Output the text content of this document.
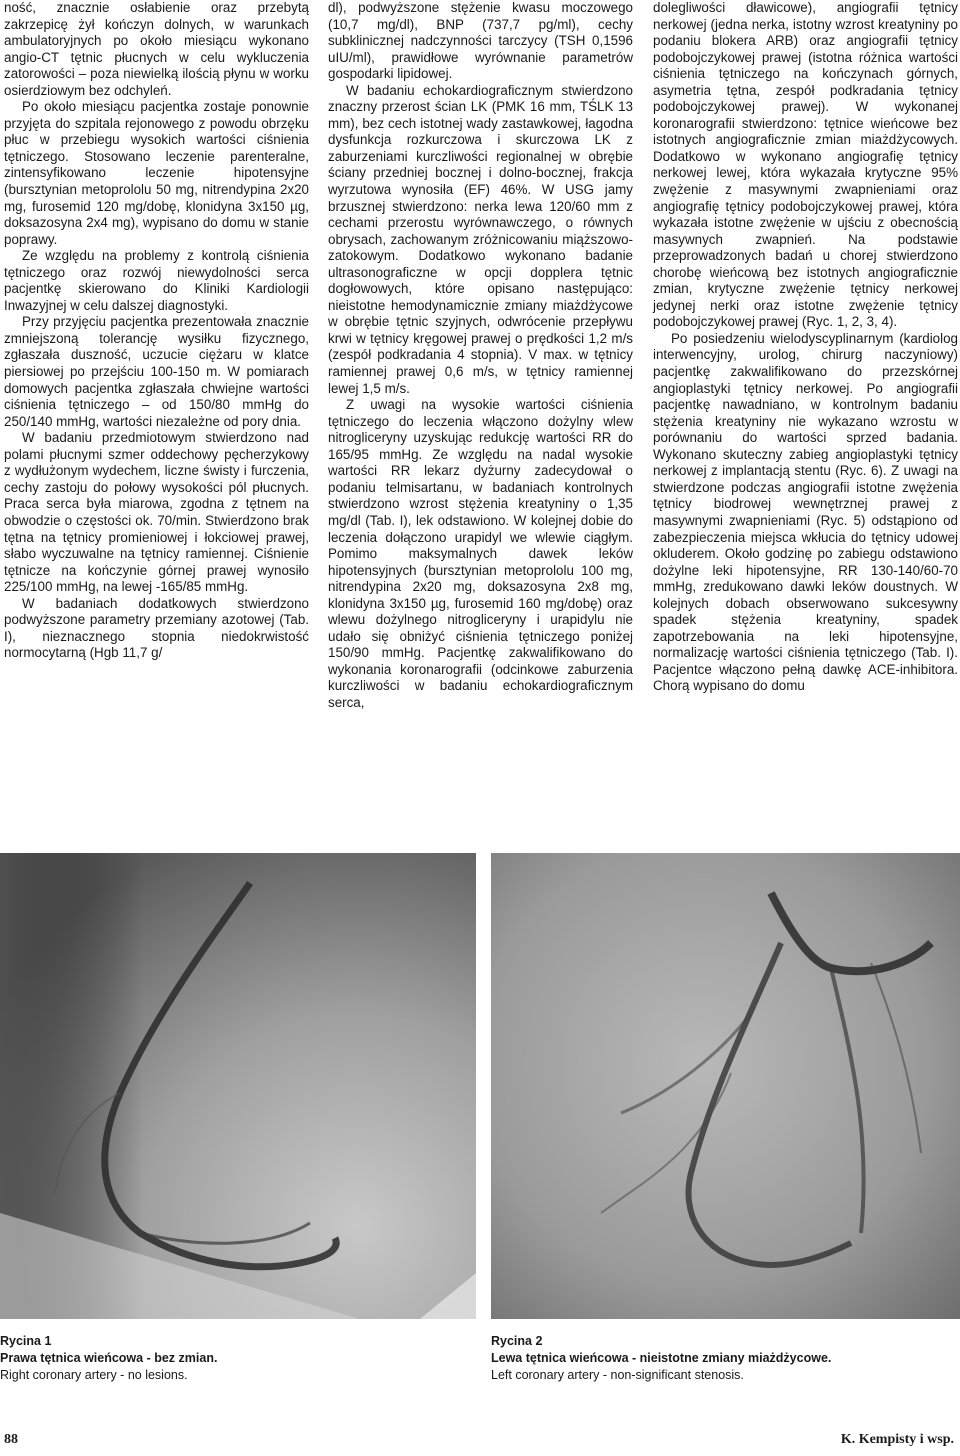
ność, znacznie osłabienie oraz przebytą zakrzepicę żył kończyn dolnych, w warunkach ambulatoryjnych po około miesiącu wykonano angio-CT tętnic płucnych w celu wykluczenia zatorowości – poza niewielką ilością płynu w worku osierdziowym bez odchyleń.

Po około miesiącu pacjentka zostaje ponownie przyjęta do szpitala rejonowego z powodu obrzęku płuc w przebiegu wysokich wartości ciśnienia tętniczego. Stosowano leczenie parenteralne, zintensyfikowano leczenie hipotensyjne (bursztynian metoprololu 50 mg, nitrendypina 2x20 mg, furosemid 120 mg/dobę, klonidyna 3x150 µg, doksazosyna 2x4 mg), wypisano do domu w stanie poprawy.

Ze względu na problemy z kontrolą ciśnienia tętniczego oraz rozwój niewydolności serca pacjentkę skierowano do Kliniki Kardiologii Inwazyjnej w celu dalszej diagnostyki.

Przy przyjęciu pacjentka prezentowała znacznie zmniejszoną tolerancję wysiłku fizycznego, zgłaszała duszność, uczucie ciężaru w klatce piersiowej po przejściu 100-150 m. W pomiarach domowych pacjentka zgłaszała chwiejne wartości ciśnienia tętniczego – od 150/80 mmHg do 250/140 mmHg, wartości niezależne od pory dnia.

W badaniu przedmiotowym stwierdzono nad polami płucnymi szmer oddechowy pęcherzykowy z wydłużonym wydechem, liczne świsty i furczenia, cechy zastoju do połowy wysokości pól płucnych. Praca serca była miarowa, zgodna z tętnem na obwodzie o częstości ok. 70/min. Stwierdzono brak tętna na tętnicy promieniowej i łokciowej prawej, słabo wyczuwalne na tętnicy ramiennej. Ciśnienie tętnicze na kończynie górnej prawej wynosiło 225/100 mmHg, na lewej -165/85 mmHg.

W badaniach dodatkowych stwierdzono podwyższone parametry przemiany azotowej (Tab. I), nieznacznego stopnia niedokrwistość normocytarną (Hgb 11,7 g/

dl), podwyższone stężenie kwasu moczowego (10,7 mg/dl), BNP (737,7 pg/ml), cechy subklinicznej nadczynności tarczycy (TSH 0,1596 uIU/ml), prawidłowe wyrównanie parametrów gospodarki lipidowej.

W badaniu echokardiograficznym stwierdzono znaczny przerost ścian LK (PMK 16 mm, TŚLK 13 mm), bez cech istotnej wady zastawkowej, łagodna dysfunkcja rozkurczowa i skurczowa LK z zaburzeniami kurczliwości regionalnej w obrębie ściany przedniej bocznej i dolno-bocznej, frakcja wyrzutowa wynosiła (EF) 46%. W USG jamy brzusznej stwierdzono: nerka lewa 120/60 mm z cechami przerostu wyrównawczego, o równych obrysach, zachowanym zróżnicowaniu miąższowo-zatokowym. Dodatkowo wykonano badanie ultrasonograficzne w opcji dopplera tętnic dogłowowych, które opisano następująco: nieistotne hemodynamicznie zmiany miażdżycowe w obrębie tętnic szyjnych, odwrócenie przepływu krwi w tętnicy kręgowej prawej o prędkości 1,2 m/s (zespół podkradania 4 stopnia). V max. w tętnicy ramiennej prawej 0,6 m/s, w tętnicy ramiennej lewej 1,5 m/s.

Z uwagi na wysokie wartości ciśnienia tętniczego do leczenia włączono dożylny wlew nitrogliceryny uzyskując redukcję wartości RR do 165/95 mmHg. Ze względu na nadal wysokie wartości RR lekarz dyżurny zadecydował o podaniu telmisartanu, w badaniach kontrolnych stwierdzono wzrost stężenia kreatyniny o 1,35 mg/dl (Tab. I), lek odstawiono. W kolejnej dobie do leczenia dołączono urapidyl we wlewie ciągłym. Pomimo maksymalnych dawek leków hipotensyjnych (bursztynian metoprololu 100 mg, nitrendypina 2x20 mg, doksazosyna 2x8 mg, klonidyna 3x150 µg, furosemid 160 mg/dobę) oraz wlewu dożylnego nitrogliceryny i urapidylu nie udało się obniżyć ciśnienia tętniczego poniżej 150/90 mmHg. Pacjentkę zakwalifikowano do wykonania koronarografii (odcinkowe zaburzenia kurczliwości w badaniu echokardiograficznym serca,

dolegliwości dławicowe), angiografii tętnicy nerkowej (jedna nerka, istotny wzrost kreatyniny po podaniu blokera ARB) oraz angiografii tętnicy podobojczykowej prawej (istotna różnica wartości ciśnienia tętniczego na kończynach górnych, asymetria tętna, zespół podkradania tętnicy podobojczykowej prawej). W wykonanej koronarografii stwierdzono: tętnice wieńcowe bez istotnych angiograficznie zmian miażdżycowych. Dodatkowo w wykonano angiografię tętnicy nerkowej lewej, która wykazała krytyczne 95% zwężenie z masywnymi zwapnieniami oraz angiografię tętnicy podobojczykowej prawej, która wykazała istotne zwężenie w ujściu z obecnością masywnych zwapnień. Na podstawie przeprowadzonych badań u chorej stwierdzono chorobę wieńcową bez istotnych angiograficznie zmian, krytyczne zwężenie tętnicy nerkowej jedynej nerki oraz istotne zwężenie tętnicy podobojczykowej prawej (Ryc. 1, 2, 3, 4).

Po posiedzeniu wielodyscyplinarnym (kardiolog interwencyjny, urolog, chirurg naczyniowy) pacjentkę zakwalifikowano do przezskórnej angioplastyki tętnicy nerkowej. Po angiografii pacjentkę nawadniano, w kontrolnym badaniu stężenia kreatyniny nie wykazano wzrostu w porównaniu do wartości sprzed badania. Wykonano skuteczny zabieg angioplastyki tętnicy nerkowej z implantacją stentu (Ryc. 6). Z uwagi na stwierdzone podczas angiografii istotne zwężenia tętnicy biodrowej wewnętrznej prawej z masywnymi zwapnieniami (Ryc. 5) odstąpiono od zabezpieczenia miejsca wkłucia do tętnicy udowej okluderem. Około godzinę po zabiegu odstawiono dożylne leki hipotensyjne, RR 130-140/60-70 mmHg, zredukowano dawki leków doustnych. W kolejnych dobach obserwowano sukcesywny spadek stężenia kreatyniny, spadek zapotrzebowania na leki hipotensyjne, normalizację wartości ciśnienia tętniczego (Tab. I). Pacjentce włączono pełną dawkę ACE-inhibitora. Chorą wypisano do domu

Rycina 1
Prawa tętnica wieńcowa - bez zmian.
Right coronary artery - no lesions.
Rycina 2
Lewa tętnica wieńcowa - nieistotne zmiany miażdżycowe.
Left coronary artery - non-significant stenosis.
88	K. Kempisty i wsp.
